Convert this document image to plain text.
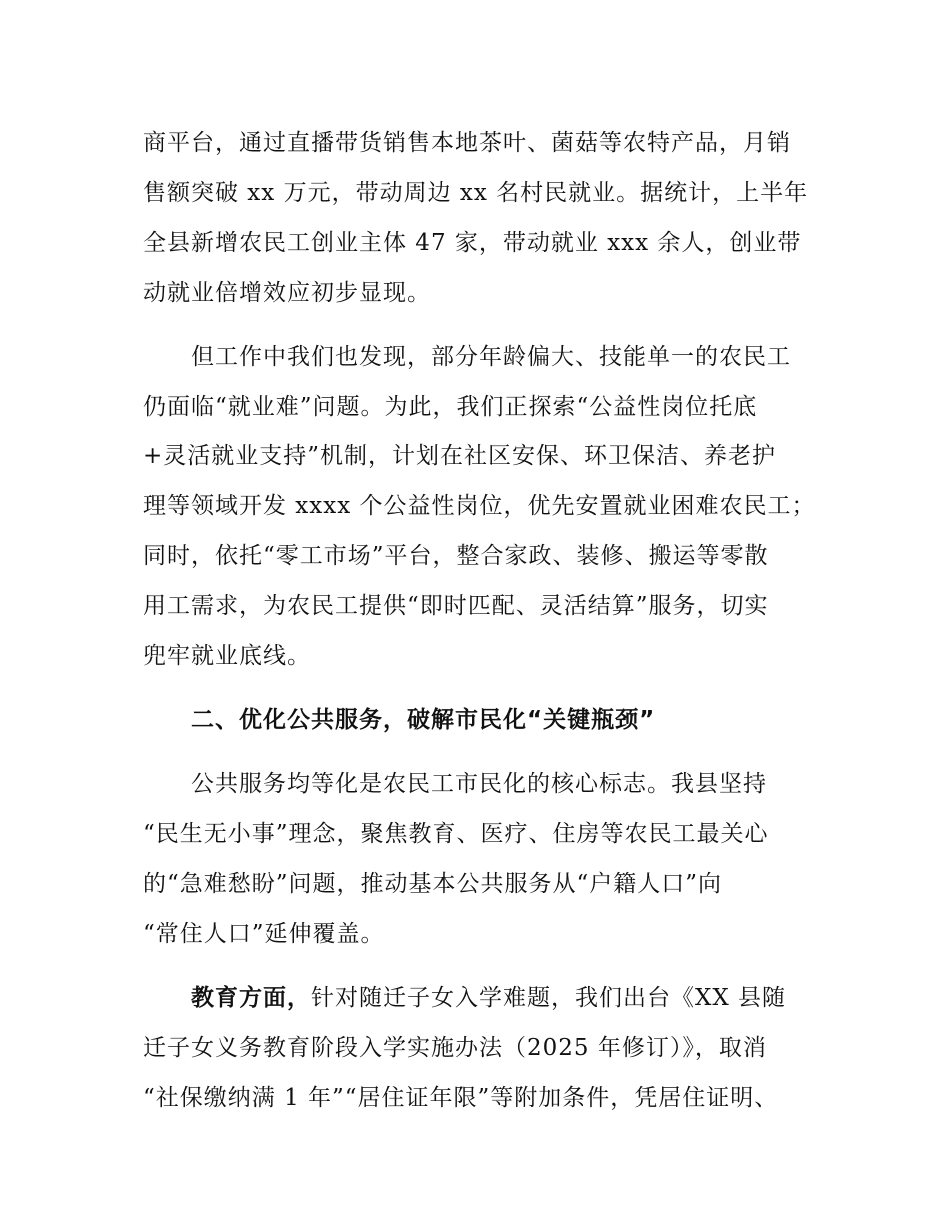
商平台，通过直播带货销售本地茶叶、菌菇等农特产品，月销
售额突破 xx 万元，带动周边 xx 名村民就业。据统计，上半年
全县新增农民工创业主体 47 家，带动就业 xxx 余人，创业带
动就业倍增效应初步显现。
但工作中我们也发现，部分年龄偏大、技能单一的农民工
仍面临“就业难”问题。为此，我们正探索“公益性岗位托底
+灵活就业支持”机制，计划在社区安保、环卫保洁、养老护
理等领域开发 xxxx 个公益性岗位，优先安置就业困难农民工；
同时，依托“零工市场”平台，整合家政、装修、搬运等零散
用工需求，为农民工提供“即时匹配、灵活结算”服务，切实
兜牢就业底线。
二、优化公共服务，破解市民化“关键瓶颈”
公共服务均等化是农民工市民化的核心标志。我县坚持
“民生无小事”理念，聚焦教育、医疗、住房等农民工最关心
的“急难愁盼”问题，推动基本公共服务从“户籍人口”向
“常住人口”延伸覆盖。
教育方面，针对随迁子女入学难题，我们出台《XX 县随
迁子女义务教育阶段入学实施办法（2025 年修订）》，取消
“社保缴纳满 1 年”“居住证年限”等附加条件，凭居住证明、
